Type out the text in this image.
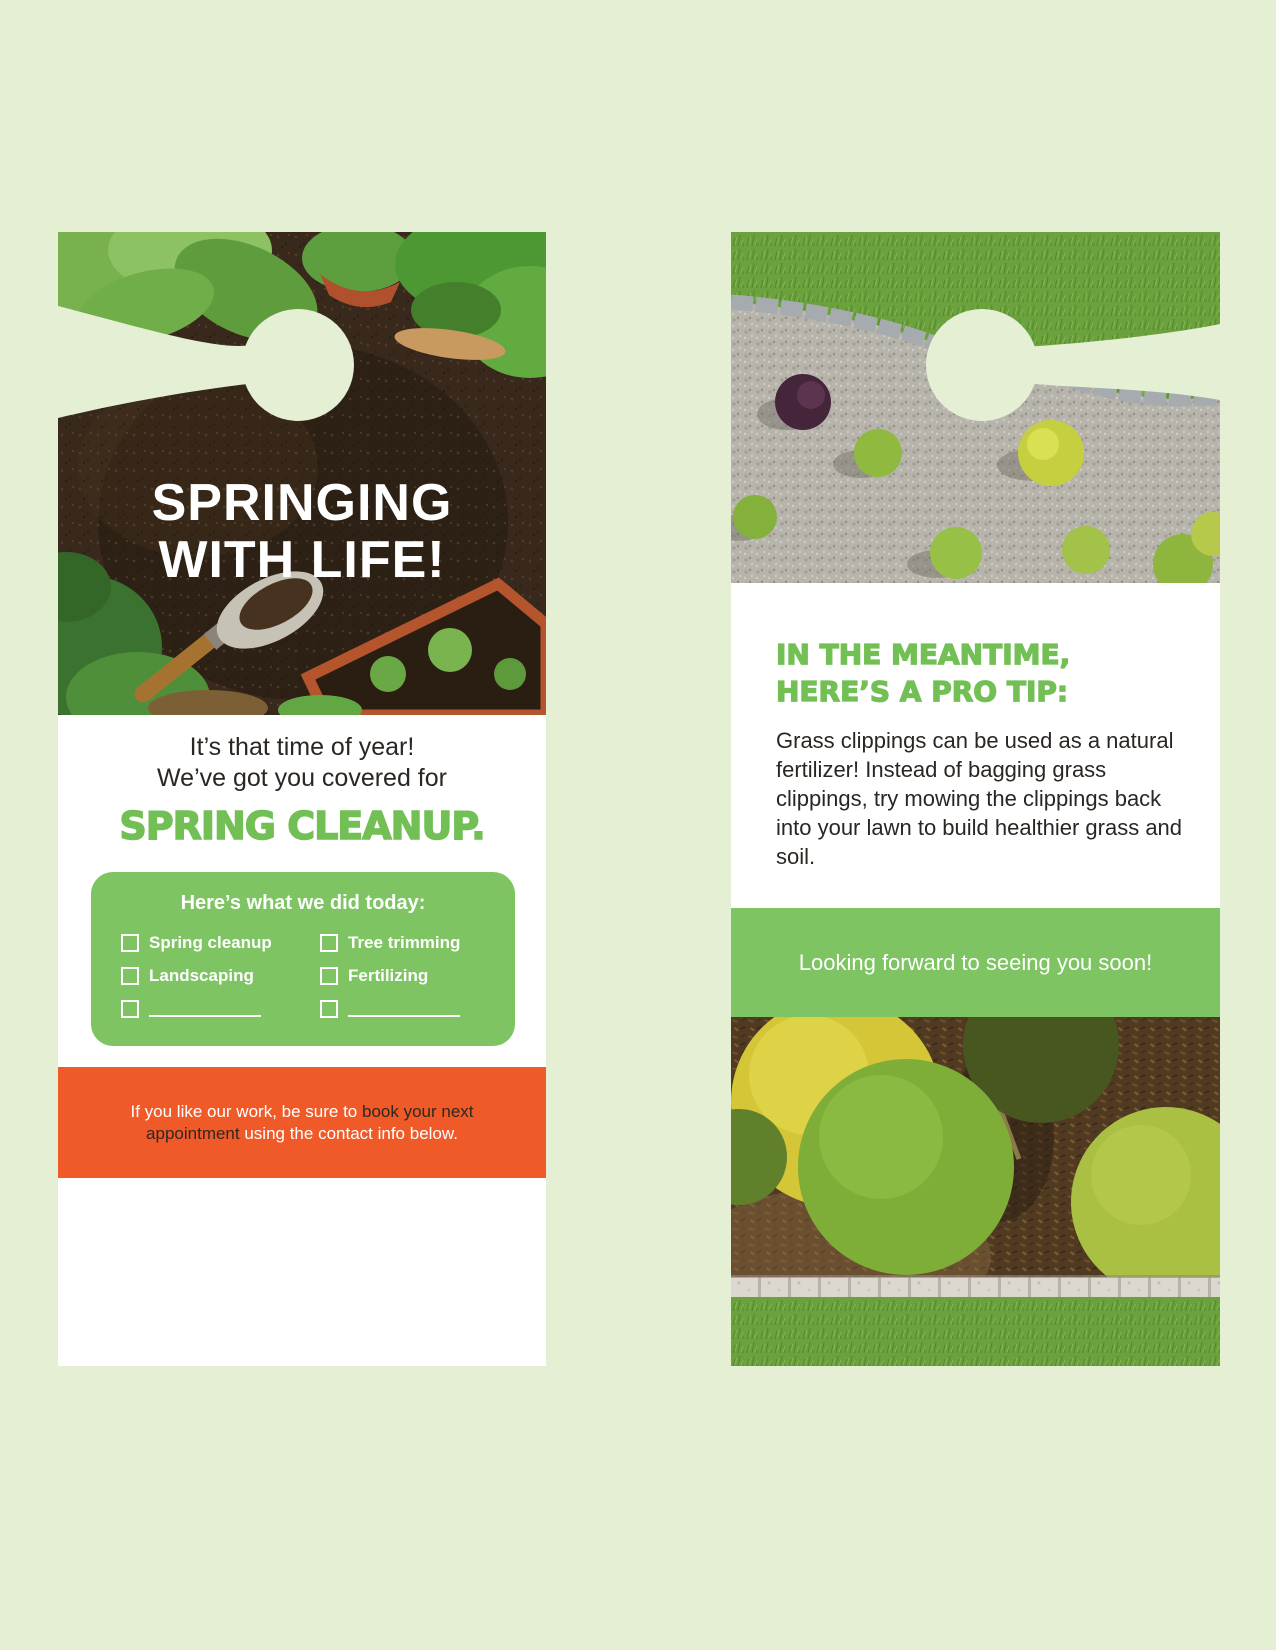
SPRINGING
WITH LIFE!
It’s that time of year!
We’ve got you covered for
SPRING CLEANUP.
Here’s what we did today:
Spring cleanup	Tree trimming
Landscaping	Fertilizing

If you like our work, be sure to book your next appointment using the contact info below.

IN THE MEANTIME,
HERE’S A PRO TIP:

Grass clippings can be used as a natural fertilizer! Instead of bagging grass clippings, try mowing the clippings back into your lawn to build healthier grass and soil.

Looking forward to seeing you soon!
